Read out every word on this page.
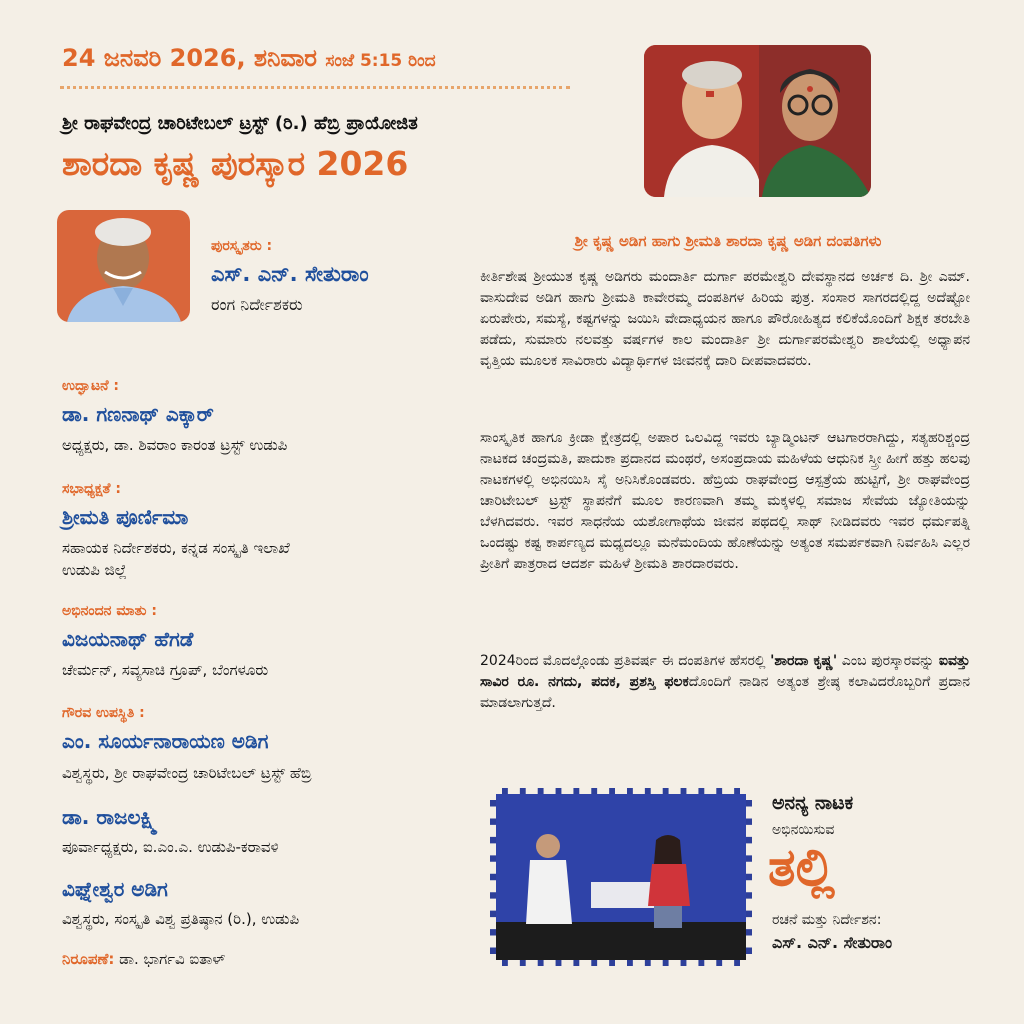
24 ಜನವರಿ 2026, ಶನಿವಾರ ಸಂಜೆ 5:15 ರಿಂದ
ಶ್ರೀ ರಾಘವೇಂದ್ರ ಚಾರಿಟೇಬಲ್ ಟ್ರಸ್ಟ್ (ರಿ.) ಹೆಬ್ರಿ ಪ್ರಾಯೋಜಿತ
ಶಾರದಾ ಕೃಷ್ಣ ಪುರಸ್ಕಾರ 2026
ಪುರಸ್ಕೃತರು :
ಎಸ್. ಎನ್. ಸೇತುರಾಂ
ರಂಗ ನಿರ್ದೇಶಕರು
ಉದ್ಘಾಟನೆ :
ಡಾ. ಗಣನಾಥ್ ಎಕ್ಕಾರ್
ಅಧ್ಯಕ್ಷರು, ಡಾ. ಶಿವರಾಂ ಕಾರಂತ ಟ್ರಸ್ಟ್ ಉಡುಪಿ
ಸಭಾಧ್ಯಕ್ಷತೆ :
ಶ್ರೀಮತಿ ಪೂರ್ಣಿಮಾ
ಸಹಾಯಕ ನಿರ್ದೇಶಕರು, ಕನ್ನಡ ಸಂಸ್ಕೃತಿ ಇಲಾಖೆ
ಉಡುಪಿ ಜಿಲ್ಲೆ
ಅಭಿನಂದನ ಮಾತು :
ವಿಜಯನಾಥ್ ಹೆಗಡೆ
ಚೇರ್ಮನ್, ಸವ್ಯಸಾಚಿ ಗ್ರೂಪ್, ಬೆಂಗಳೂರು
ಗೌರವ ಉಪಸ್ಥಿತಿ :
ಎಂ. ಸೂರ್ಯನಾರಾಯಣ ಅಡಿಗ
ವಿಶ್ವಸ್ಥರು, ಶ್ರೀ ರಾಘವೇಂದ್ರ ಚಾರಿಟೇಬಲ್ ಟ್ರಸ್ಟ್ ಹೆಬ್ರಿ
ಡಾ. ರಾಜಲಕ್ಷ್ಮಿ
ಪೂರ್ವಾಧ್ಯಕ್ಷರು, ಐ.ಎಂ.ಎ. ಉಡುಪಿ-ಕರಾವಳಿ
ವಿಘ್ನೇಶ್ವರ ಅಡಿಗ
ವಿಶ್ವಸ್ಥರು, ಸಂಸ್ಕೃತಿ ವಿಶ್ವ ಪ್ರತಿಷ್ಠಾನ (ರಿ.), ಉಡುಪಿ
ನಿರೂಪಣೆ: ಡಾ. ಭಾರ್ಗವಿ ಐತಾಳ್
ಶ್ರೀ ಕೃಷ್ಣ ಅಡಿಗ ಹಾಗು ಶ್ರೀಮತಿ ಶಾರದಾ ಕೃಷ್ಣ ಅಡಿಗ ದಂಪತಿಗಳು
ಕೀರ್ತಿಶೇಷ ಶ್ರೀಯುತ ಕೃಷ್ಣ ಅಡಿಗರು ಮಂದಾರ್ತಿ ದುರ್ಗಾ ಪರಮೇಶ್ವರಿ ದೇವಸ್ಥಾನದ ಅರ್ಚಕ ದಿ. ಶ್ರೀ ಎಮ್. ವಾಸುದೇವ ಅಡಿಗ ಹಾಗು ಶ್ರೀಮತಿ ಕಾವೇರಮ್ಮ ದಂಪತಿಗಳ ಹಿರಿಯ ಪುತ್ರ. ಸಂಸಾರ ಸಾಗರದಲ್ಲಿದ್ದ ಅದೆಷ್ಟೋ ಏರುಪೇರು, ಸಮಸ್ಯೆ, ಕಷ್ಟಗಳನ್ನು ಜಯಿಸಿ ವೇದಾಧ್ಯಯನ ಹಾಗೂ ಪೌರೋಹಿತ್ಯದ ಕಲಿಕೆಯೊಂದಿಗೆ ಶಿಕ್ಷಕ ತರಬೇತಿ ಪಡೆದು, ಸುಮಾರು ನಲವತ್ತು ವರ್ಷಗಳ ಕಾಲ ಮಂದಾರ್ತಿ ಶ್ರೀ ದುರ್ಗಾಪರಮೇಶ್ವರಿ ಶಾಲೆಯಲ್ಲಿ ಅಧ್ಯಾಪನ ವೃತ್ತಿಯ ಮೂಲಕ ಸಾವಿರಾರು ವಿದ್ಯಾರ್ಥಿಗಳ ಜೀವನಕ್ಕೆ ದಾರಿ ದೀಪವಾದವರು.
ಸಾಂಸ್ಕೃತಿಕ ಹಾಗೂ ಕ್ರೀಡಾ ಕ್ಷೇತ್ರದಲ್ಲಿ ಅಪಾರ ಒಲವಿದ್ದ ಇವರು ಬ್ಯಾಡ್ಮಿಂಟನ್ ಆಟಗಾರರಾಗಿದ್ದು, ಸತ್ಯಹರಿಶ್ಚಂದ್ರ ನಾಟಕದ ಚಂದ್ರಮತಿ, ಪಾದುಕಾ ಪ್ರದಾನದ ಮಂಥರೆ, ಅಸಂಪ್ರದಾಯ ಮಹಿಳೆಯ ಆಧುನಿಕ ಸ್ತ್ರೀ ಹೀಗೆ ಹತ್ತು ಹಲವು ನಾಟಕಗಳಲ್ಲಿ ಅಭಿನಯಿಸಿ ಸೈ ಅನಿಸಿಕೊಂಡವರು. ಹೆಬ್ರಿಯ ರಾಘವೇಂದ್ರ ಆಸ್ಪತ್ರೆಯ ಹುಟ್ಟಿಗೆ, ಶ್ರೀ ರಾಘವೇಂದ್ರ ಚಾರಿಟೇಬಲ್ ಟ್ರಸ್ಟ್ ಸ್ಥಾಪನೆಗೆ ಮೂಲ ಕಾರಣವಾಗಿ ತಮ್ಮ ಮಕ್ಕಳಲ್ಲಿ ಸಮಾಜ ಸೇವೆಯ ಜ್ಯೋತಿಯನ್ನು ಬೆಳಗಿದವರು. ಇವರ ಸಾಧನೆಯ ಯಶೋಗಾಥೆಯ ಜೀವನ ಪಥದಲ್ಲಿ ಸಾಥ್ ನೀಡಿದವರು ಇವರ ಧರ್ಮಪತ್ನಿ ಒಂದಷ್ಟು ಕಷ್ಟ ಕಾರ್ಪಣ್ಯದ ಮಧ್ಯದಲ್ಲೂ ಮನೆಮಂದಿಯ ಹೊಣೆಯನ್ನು ಅತ್ಯಂತ ಸಮರ್ಪಕವಾಗಿ ನಿರ್ವಹಿಸಿ ಎಲ್ಲರ ಪ್ರೀತಿಗೆ ಪಾತ್ರರಾದ ಆದರ್ಶ ಮಹಿಳೆ ಶ್ರೀಮತಿ ಶಾರದಾರವರು.
2024ರಿಂದ ಮೊದಲ್ಗೊಂಡು ಪ್ರತಿವರ್ಷ ಈ ದಂಪತಿಗಳ ಹೆಸರಲ್ಲಿ 'ಶಾರದಾ ಕೃಷ್ಣ' ಎಂಬ ಪುರಸ್ಕಾರವನ್ನು ಐವತ್ತು ಸಾವಿರ ರೂ. ನಗದು, ಪದಕ, ಪ್ರಶಸ್ತಿ ಫಲಕದೊಂದಿಗೆ ನಾಡಿನ ಅತ್ಯಂತ ಶ್ರೇಷ್ಠ ಕಲಾವಿದರೊಬ್ಬರಿಗೆ ಪ್ರದಾನ ಮಾಡಲಾಗುತ್ತದೆ.
ಅನನ್ಯ ನಾಟಕ
ಅಭಿನಯಿಸುವ
ತಲ್ಲಿ
ರಚನೆ ಮತ್ತು ನಿರ್ದೇಶನ:
ಎಸ್. ಎನ್. ಸೇತುರಾಂ
